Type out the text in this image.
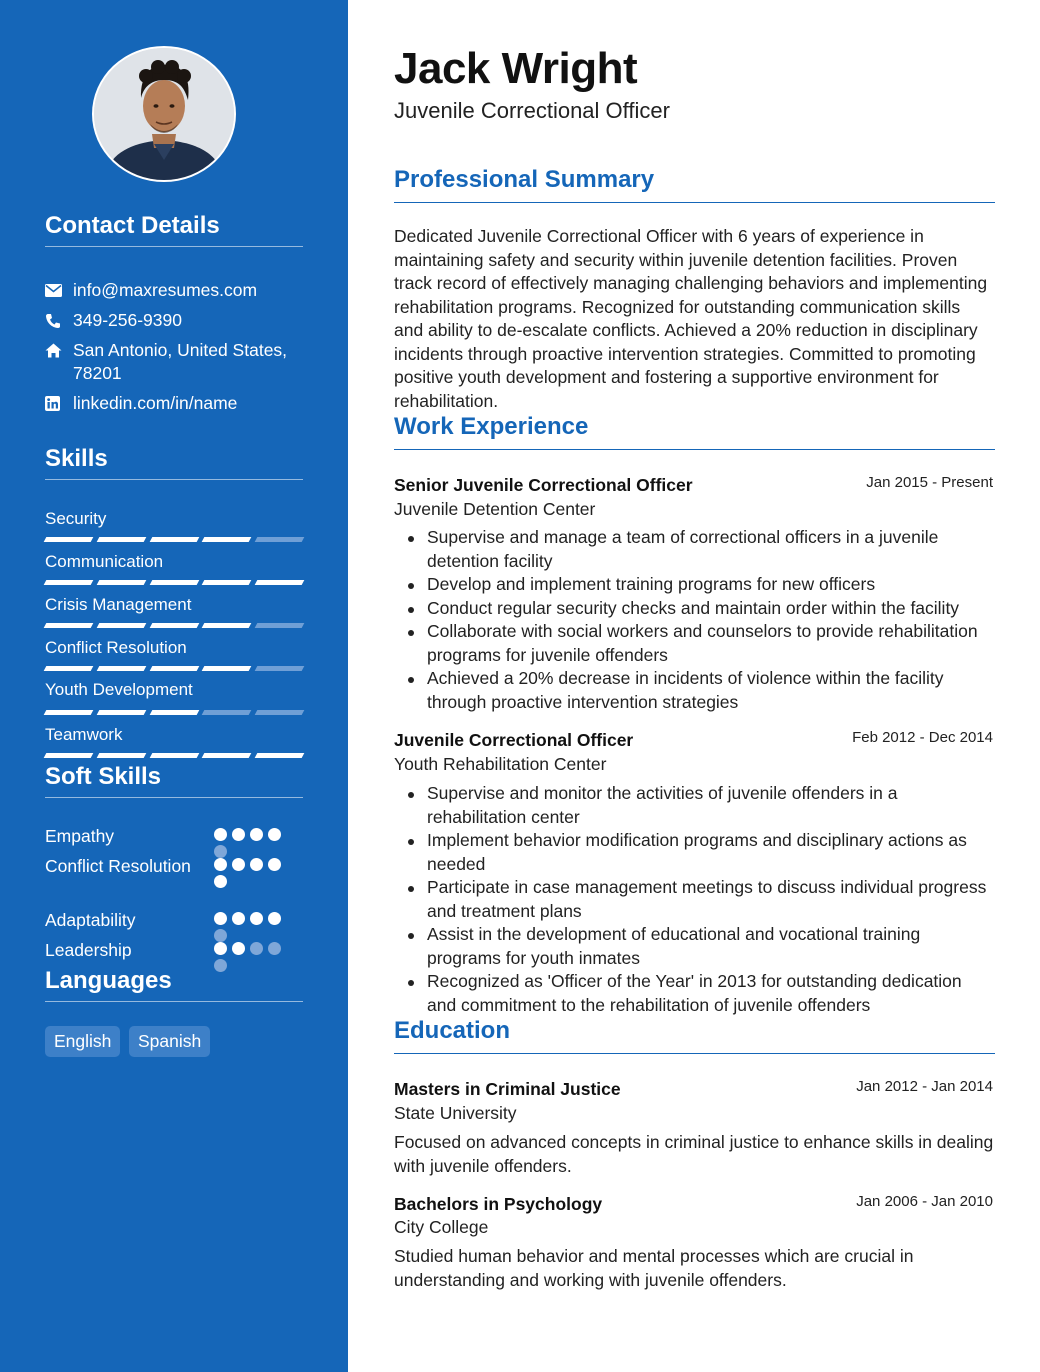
Contact Details
info@maxresumes.com
349-256-9390
San Antonio, United States, 78201
linkedin.com/in/name
Skills
Security
Communication
Crisis Management
Conflict Resolution
Youth Development
Teamwork
Soft Skills
Empathy
Conflict Resolution
Adaptability
Leadership
Languages
English	Spanish
Jack Wright
Juvenile Correctional Officer
Professional Summary

Dedicated Juvenile Correctional Officer with 6 years of experience in maintaining safety and security within juvenile detention facilities. Proven track record of effectively managing challenging behaviors and implementing rehabilitation programs. Recognized for outstanding communication skills and ability to de-escalate conflicts. Achieved a 20% reduction in disciplinary incidents through proactive intervention strategies. Committed to promoting positive youth development and fostering a supportive environment for rehabilitation.

Work Experience
Senior Juvenile Correctional Officer	Jan 2015 - Present
Juvenile Detention Center
Supervise and manage a team of correctional officers in a juvenile detention facility
Develop and implement training programs for new officers
Conduct regular security checks and maintain order within the facility
Collaborate with social workers and counselors to provide rehabilitation programs for juvenile offenders
Achieved a 20% decrease in incidents of violence within the facility through proactive intervention strategies
Juvenile Correctional Officer	Feb 2012 - Dec 2014
Youth Rehabilitation Center
Supervise and monitor the activities of juvenile offenders in a rehabilitation center
Implement behavior modification programs and disciplinary actions as needed
Participate in case management meetings to discuss individual progress and treatment plans
Assist in the development of educational and vocational training programs for youth inmates
Recognized as 'Officer of the Year' in 2013 for outstanding dedication and commitment to the rehabilitation of juvenile offenders
Education
Masters in Criminal Justice	Jan 2012 - Jan 2014
State University

Focused on advanced concepts in criminal justice to enhance skills in dealing with juvenile offenders.

Bachelors in Psychology	Jan 2006 - Jan 2010
City College

Studied human behavior and mental processes which are crucial in understanding and working with juvenile offenders.
